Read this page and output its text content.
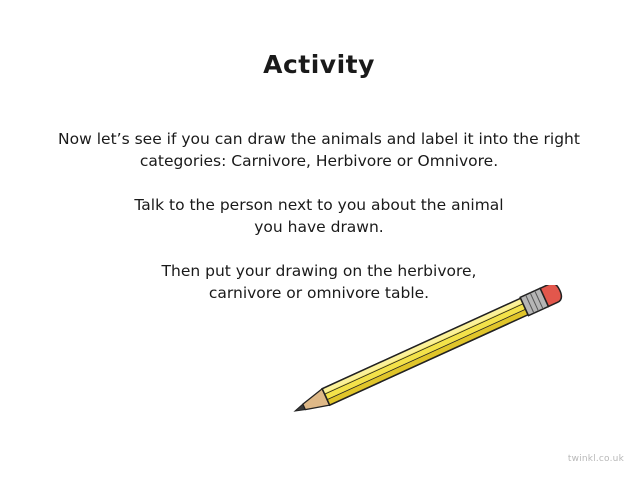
Activity

Now let’s see if you can draw the animals and label it into the right
categories: Carnivore, Herbivore or Omnivore.

Talk to the person next to you about the animal
you have drawn.

Then put your drawing on the herbivore,
carnivore or omnivore table.

twinkl.co.uk
